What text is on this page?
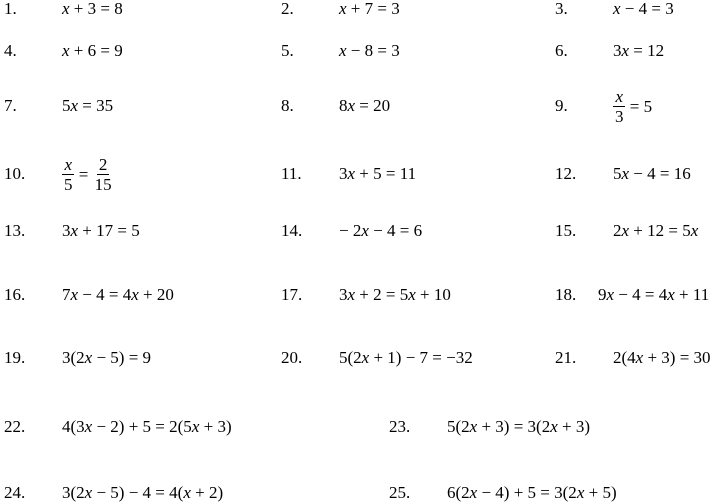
1.	x + 3 = 8	2.	x + 7 = 3	3.	x − 4 = 3
4.	x + 6 = 9	5.	x − 8 = 3	6.	3x = 12
7.	5x = 35	8.	8x = 20	9.	$\frac{x}{3} = 5$
10. $\frac{x}{5} = \frac{2}{15}$	11. 3x + 5 = 11	12. 5x − 4 = 16
13. 3x + 17 = 5	14. − 2x − 4 = 6	15. 2x + 12 = 5x
16. 7x − 4 = 4x + 20	17. 3x + 2 = 5x + 10	18. 9x − 4 = 4x + 11
19. 3(2x − 5) = 9	20. 5(2x + 1) − 7 = −32	21. 2(4x + 3) = 30
22. 4(3x − 2) + 5 = 2(5x + 3)	23. 5(2x + 3) = 3(2x + 3)
24. 3(2x − 5) − 4 = 4(x + 2)	25. 6(2x − 4) + 5 = 3(2x + 5)
